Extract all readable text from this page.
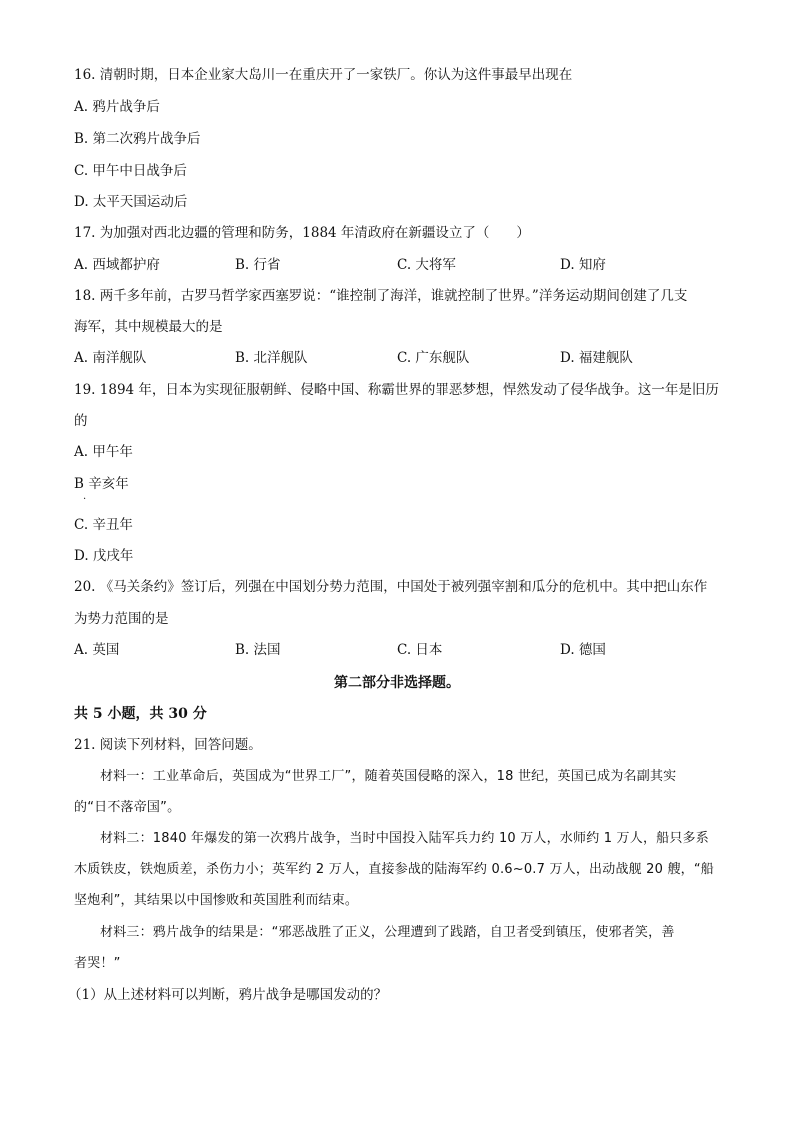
16. 清朝时期，日本企业家大岛川一在重庆开了一家铁厂。你认为这件事最早出现在
A. 鸦片战争后
B. 第二次鸦片战争后
C. 甲午中日战争后
D. 太平天国运动后
17. 为加强对西北边疆的管理和防务，1884 年清政府在新疆设立了（　　）
A. 西域都护府	B. 行省	C. 大将军	D. 知府
18. 两千多年前，古罗马哲学家西塞罗说：“谁控制了海洋，谁就控制了世界。”洋务运动期间创建了几支
海军，其中规模最大的是
A. 南洋舰队	B. 北洋舰队	C. 广东舰队	D. 福建舰队
19. 1894 年，日本为实现征服朝鲜、侵略中国、称霸世界的罪恶梦想，悍然发动了侵华战争。这一年是旧历
的
A. 甲午年
B 辛亥年
.
C. 辛丑年
D. 戊戌年
20. 《马关条约》签订后，列强在中国划分势力范围，中国处于被列强宰割和瓜分的危机中。其中把山东作
为势力范围的是
A. 英国	B. 法国	C. 日本	D. 德国
第二部分非选择题。
共 5 小题，共 30 分
21. 阅读下列材料，回答问题。
材料一：工业革命后，英国成为“世界工厂”，随着英国侵略的深入，18 世纪，英国已成为名副其实
的“日不落帝国”。
材料二：1840 年爆发的第一次鸦片战争，当时中国投入陆军兵力约 10 万人，水师约 1 万人，船只多系
木质铁皮，铁炮质差，杀伤力小；英军约 2 万人，直接参战的陆海军约 0.6~0.7 万人，出动战舰 20 艘，“船
坚炮利”，其结果以中国惨败和英国胜利而结束。
材料三：鸦片战争的结果是：“邪恶战胜了正义，公理遭到了践踏，自卫者受到镇压，使邪者笑，善
者哭！”
（1）从上述材料可以判断，鸦片战争是哪国发动的？
